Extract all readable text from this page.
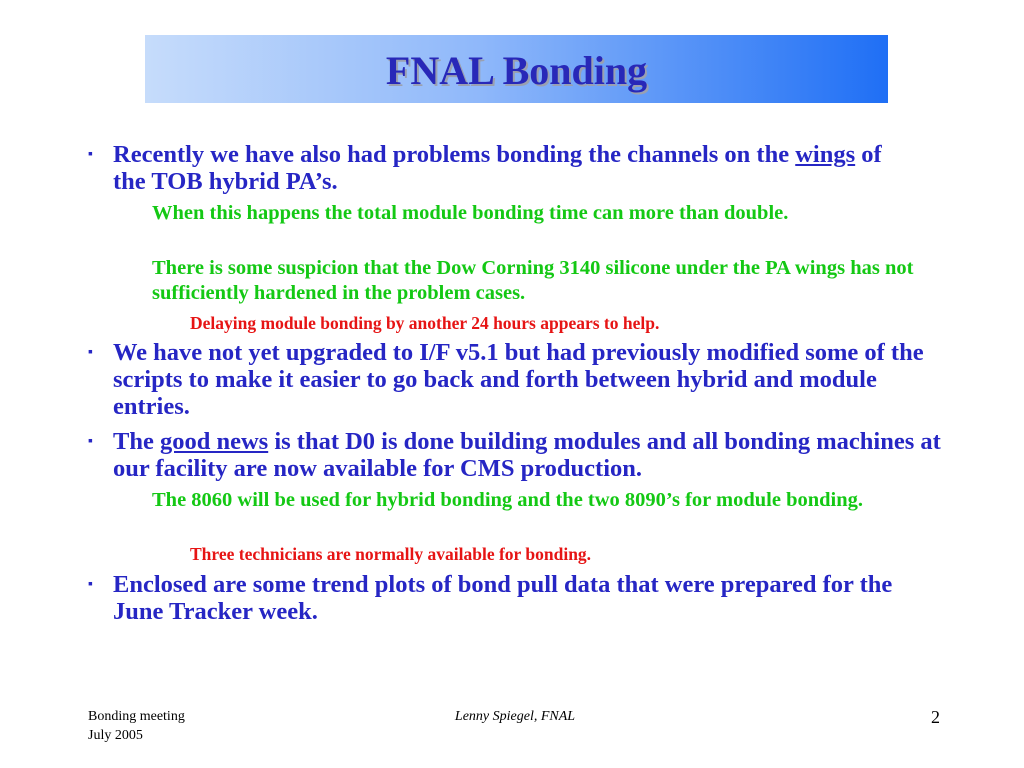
FNAL Bonding
▪ Recently we have also had problems bonding the channels on the wings of the TOB hybrid PA’s.
When this happens the total module bonding time can more than double.
There is some suspicion that the Dow Corning 3140 silicone under the PA wings has not sufficiently hardened in the problem cases.
Delaying module bonding by another 24 hours appears to help.
▪ We have not yet upgraded to I/F v5.1 but had previously modified some of the scripts to make it easier to go back and forth between hybrid and module entries.
▪ The good news is that D0 is done building modules and all bonding machines at our facility are now available for CMS production.
The 8060 will be used for hybrid bonding and the two 8090’s for module bonding.
Three technicians are normally available for bonding.
▪ Enclosed are some trend plots of bond pull data that were prepared for the June Tracker week.
Bonding meeting
July 2005
Lenny Spiegel, FNAL	2
